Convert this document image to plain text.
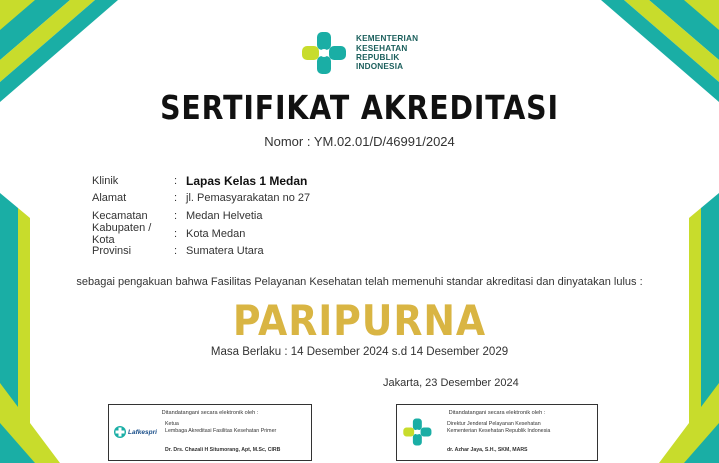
KEMENTERIAN
KESEHATAN
REPUBLIK
INDONESIA
SERTIFIKAT AKREDITASI
Nomor : YM.02.01/D/46991/2024
Klinik	: Lapas Kelas 1 Medan
Alamat	: jl. Pemasyarakatan no 27
Kecamatan	: Medan Helvetia
Kabupaten / Kota	: Kota Medan
Provinsi	: Sumatera Utara
sebagai pengakuan bahwa Fasilitas Pelayanan Kesehatan telah memenuhi standar akreditasi dan dinyatakan lulus :
PARIPURNA
Masa Berlaku : 14 Desember 2024 s.d 14 Desember 2029
Jakarta, 23 Desember 2024
Ditandatangani secara elektronik oleh :
Lafkespri
Ketua
Lembaga Akreditasi Fasilitas Kesehatan Primer
Dr. Drs. Chazali H Situmorang, Apt, M.Sc, CIRB
Ditandatangani secara elektronik oleh :
Direktur Jenderal Pelayanan Kesehatan
Kementerian Kesehatan Republik Indonesia
dr. Azhar Jaya, S.H., SKM, MARS
